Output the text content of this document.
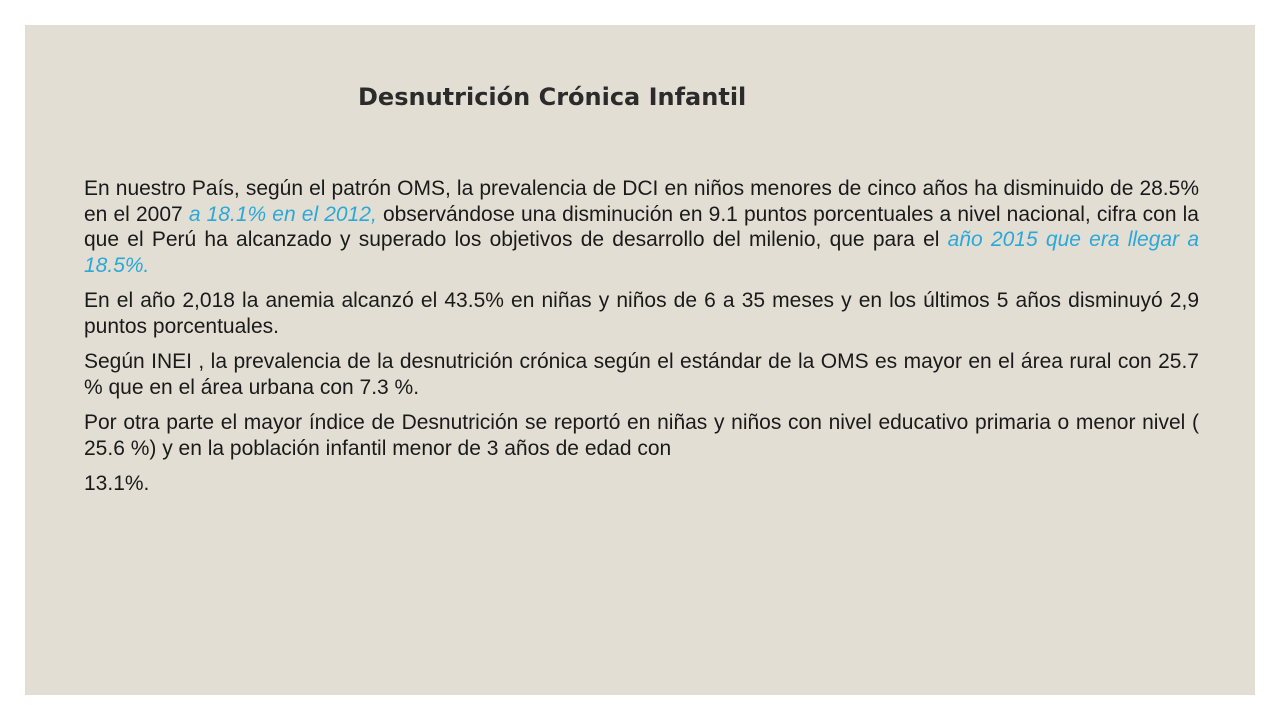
Desnutrición Crónica Infantil

En nuestro País, según el patrón OMS, la prevalencia de DCI en niños menores de cinco años ha disminuido de 28.5% en el 2007 a 18.1% en el 2012, observándose una disminución en 9.1 puntos porcentuales a nivel nacional, cifra con la que el Perú ha alcanzado y superado los objetivos de desarrollo del milenio, que para el año 2015 que era llegar a 18.5%.

En el año 2,018 la anemia alcanzó el 43.5% en niñas y niños de 6 a 35 meses y en los últimos 5 años disminuyó 2,9 puntos porcentuales.

Según INEI , la prevalencia de la desnutrición crónica según el estándar de la OMS es mayor en el área rural con 25.7 % que en el área urbana con 7.3 %.

Por otra parte el mayor índice de Desnutrición se reportó en niñas y niños con nivel educativo primaria o menor nivel ( 25.6 %) y en la población infantil menor de 3 años de edad con

13.1%.
